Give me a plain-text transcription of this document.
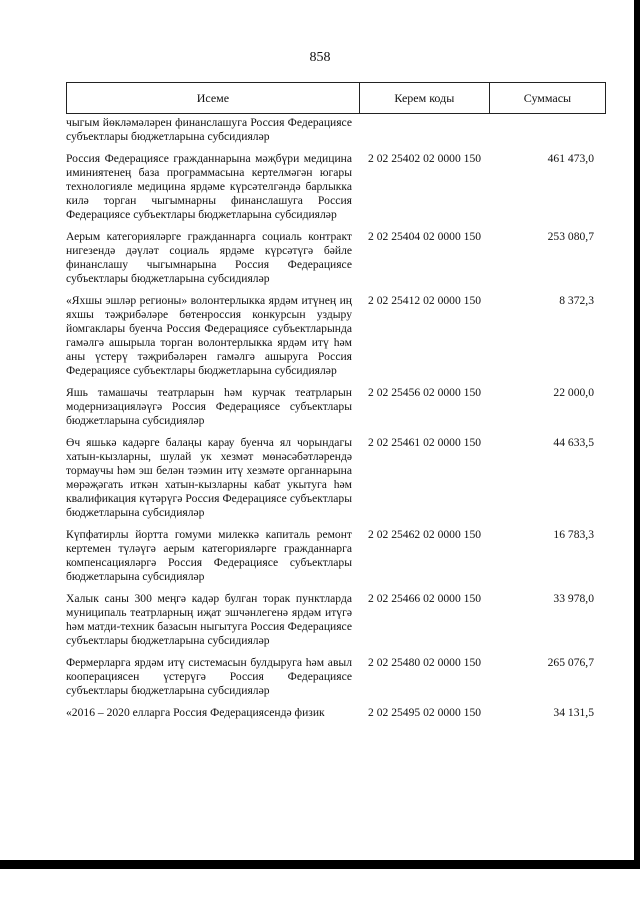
858
Исеме	Керем коды	Суммасы
чыгым йөкләмәләрен финанслашуга Россия Федерациясе субъектлары бюджетларына субсидияләр
Россия Федерациясе гражданнарына мәҗбүри медицина иминиятенең база программасына кертелмәгән югары технологияле медицина ярдәме күрсәтелгәндә барлыкка килә торган чыгымнарны финанслашуга Россия Федерациясе субъектлары бюджетларына субсидияләр
2 02 25402 02 0000 150	461 473,0
Аерым категорияләрге гражданнарга социаль контракт нигезендә дәүләт социаль ярдәме күрсәтүгә бәйле финанслашу чыгымнарына Россия Федерациясе субъектлары бюджетларына субсидияләр
2 02 25404 02 0000 150	253 080,7
«Яхшы эшләр регионы» волонтерлыкка ярдәм итүнең иң яхшы тәҗрибәләре бөтенроссия конкурсын уздыру йомгаклары буенча Россия Федерациясе субъектларында гамәлгә ашырыла торган волонтерлыкка ярдәм итү һәм аны үстерү тәҗрибәләрен гамәлгә ашыруга Россия Федерациясе субъектлары бюджетларына субсидияләр
2 02 25412 02 0000 150	8 372,3
Яшь тамашачы театрларын һәм курчак театрларын модернизацияләүгә Россия Федерациясе субъектлары бюджетларына субсидияләр
2 02 25456 02 0000 150	22 000,0
Өч яшькә кадәрге балаңы карау буенча ял чорындагы хатын-кызларны, шулай ук хезмәт мөнәсәбәтләрендә тормаучы һәм эш белән тәэмин итү хезмәте органнарына мөрәҗәгать иткән хатын-кызларны кабат укытуга һәм квалификация күтәрүгә Россия Федерациясе субъектлары бюджетларына субсидияләр
2 02 25461 02 0000 150	44 633,5
Күпфатирлы йортта гомуми милеккә капиталь ремонт кертемен түләүгә аерым категорияләрге гражданнарга компенсацияләргә Россия Федерациясе субъектлары бюджетларына субсидияләр
2 02 25462 02 0000 150	16 783,3
Халык саны 300 меңгә кадәр булган торак пунктларда муниципаль театрларның иҗат эшчәнлегенә ярдәм итүгә һәм матди-техник базасын ныгытуга Россия Федерациясе субъектлары бюджетларына субсидияләр
2 02 25466 02 0000 150	33 978,0
Фермерларга ярдәм итү системасын булдыруга һәм авыл кооперациясен үстерүгә Россия Федерациясе субъектлары бюджетларына субсидияләр
2 02 25480 02 0000 150	265 076,7
«2016 – 2020 елларга Россия Федерациясендә физик	2 02 25495 02 0000 150	34 131,5
